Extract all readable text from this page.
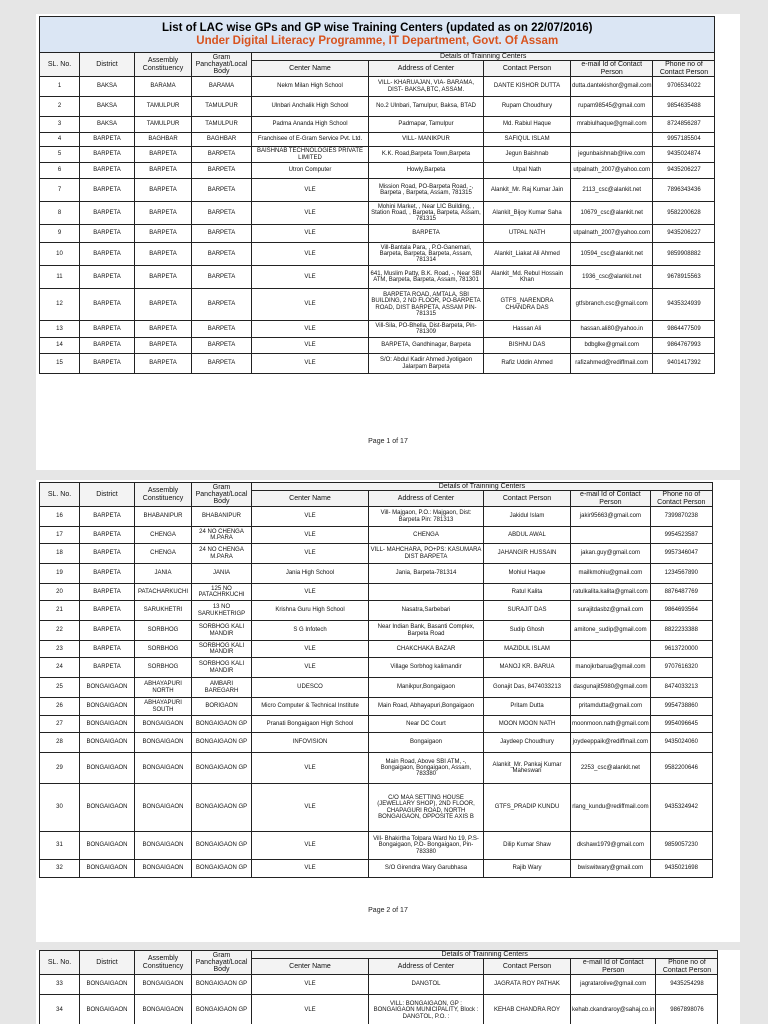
List of LAC wise GPs and GP wise Training Centers (updated as on 22/07/2016)
Under Digital Literacy Programme, IT Department, Govt. Of Assam								

SL. No.	District	Assembly Constituency	Gram Panchayat/Local Body	Details of Trainning Centers				
				Center Name	Address of Center	Contact Person	e-mail Id of Contact Person	Phone no of Contact Person
1	BAKSA	BARAMA	BARAMA	Nekm Milan High School	VILL- KHARUAJAN, VIA- BARAMA, DIST- BAKSA,BTC, ASSAM.	DANTE KISHOR DUTTA	dutta.dantekishor@gmail.com	9706534022
2	BAKSA	TAMULPUR	TAMULPUR	Ulnbari Anchalik High School	No.2 Ulnbari, Tamulpur, Baksa, BTAD	Rupam Choudhury	rupam98545@gmail.com	9854635488
3	BAKSA	TAMULPUR	TAMULPUR	Padma Ananda High School	Padmapar, Tamulpur	Md. Rabiul Haque	mrabiulhaque@gmail.com	8724856287
4	BARPETA	BAGHBAR	BAGHBAR	Franchisee of E-Gram Service Pvt. Ltd.	VILL- MANIKPUR	SAFIQUL ISLAM		9957185504
5	BARPETA	BARPETA	BARPETA	BAISHNAB TECHNOLOGIES PRIVATE LIMITED	K.K. Road,Barpeta Town,Barpeta	Jegun Baishnab	jegunbaishnab@live.com	9435024874
6	BARPETA	BARPETA	BARPETA	Utron Computer	Howly,Barpeta	Utpal Nath	utpalnath_2007@yahoo.com	9435206227
7	BARPETA	BARPETA	BARPETA	VLE	Mission Road, PO-Barpeta Road, -, Barpeta , Barpeta, Assam, 781315	Alankit_Mr. Raj Kumar Jain	2113_csc@alankit.net	7896343436
8	BARPETA	BARPETA	BARPETA	VLE	Mohini Market, , Near LIC Building, , Station Road, , Barpeta, Barpeta, Assam, 781315	Alankit_Bijoy Kumar Saha	10679_csc@alankit.net	9582200628
9	BARPETA	BARPETA	BARPETA	VLE	BARPETA	UTPAL NATH	utpalnath_2007@yahoo.com	9435206227
10	BARPETA	BARPETA	BARPETA	VLE	Vill-Bantala Para, , P.O-Ganemari, Barpeta, Barpeta, Barpeta, Assam, 781314	Alankit_Liakat Ali Ahmed	10594_csc@alankit.net	9859908882
11	BARPETA	BARPETA	BARPETA	VLE	641, Muslim Patty, B.K. Road, -, Near SBI ATM, Barpeta, Barpeta, Assam, 781301	Alankit_Md. Rebul Hossain Khan	1936_csc@alankit.net	9678915563
12	BARPETA	BARPETA	BARPETA	VLE	BARPETA ROAD, AMTALA, SBI BUILDING, 2 ND FLOOR, PO-BARPETA ROAD, DIST BARPETA, ASSAM PIN-781315	GTFS_NARENDRA CHANDRA DAS	gtfsbranch.csc@gmail.com	9435324939
13	BARPETA	BARPETA	BARPETA	VLE	Vill-Sila, PO-Bhella, Dist-Barpeta, Pin-781309	Hassan Ali	hassan.ali80@yahoo.in	9864477509
14	BARPETA	BARPETA	BARPETA	VLE	BARPETA, Gandhinagar, Barpeta	BISHNU DAS	bdbglke@gmail.com	9864767993
15	BARPETA	BARPETA	BARPETA	VLE	S/O: Abdul Kadir Ahmed Jyotigaon Jalarpam Barpeta	Rafiz Uddin Ahmed	rafizahmed@rediffmail.com	9401417392
Page 1 of 17
SL. No.	District	Assembly Constituency	Gram Panchayat/Local Body	Details of Trainning Centers				
				Center Name	Address of Center	Contact Person	e-mail Id of Contact Person	Phone no of Contact Person
16	BARPETA	BHABANIPUR	BHABANIPUR	VLE	Vill- Majgaon, P.O.: Majgaon, Dist: Barpeta Pin: 781313	Jakidul Islam	jakir95663@gmail.com	7399870238
17	BARPETA	CHENGA	24 NO CHENGA M.PARA	VLE	CHENGA	ABDUL AWAL		9954523587
18	BARPETA	CHENGA	24 NO CHENGA M.PARA	VLE	VILL- MAHCHARA, PO+PS: KASUMARA DIST BARPETA	JAHANGIR HUSSAIN	jakan.guy@gmail.com	9957346047
19	BARPETA	JANIA	JANIA	Jania High School	Jania, Barpeta-781314	Mohiul Haque	mailkmohiu@gmail.com	1234567890
20	BARPETA	PATACHARKUCHI	125 NO PATACHRKUCHI	VLE		Ratul Kalita	ratulkalita.kalita@gmail.com	8876487769
21	BARPETA	SARUKHETRI	13 NO SARUKHETRIGP	Krishna Guru High School	Nasatra,Sarbebari	SURAJIT DAS	surajitdasbz@gmail.com	9864693564
22	BARPETA	SORBHOG	SORBHOG KALI MANDIR	S G Infotech	Near Indian Bank, Basanti Complex, Barpeta Road	Sudip Ghosh	amitone_sudip@gmail.com	8822233388
23	BARPETA	SORBHOG	SORBHOG KALI MANDIR	VLE	CHAKCHAKA BAZAR	MAZIDUL ISLAM		9613720000
24	BARPETA	SORBHOG	SORBHOG KALI MANDIR	VLE	Village Sorbhog kalimandir	MANOJ KR. BARUA	manojkrbarua@gmail.com	9707616320
25	BONGAIGAON	ABHAYAPURI NORTH	AMBARI BAREGARH	UDESCO	Manikpur,Bongaigaon	Gonajit Das, 8474033213	dasgunajit5980@gmail.com	8474033213
26	BONGAIGAON	ABHAYAPURI SOUTH	BORIGAON	Micro Computer & Technical Institute	Main Road, Abhayapuri,Bongaigaon	Pritam Dutta	pritamdutta@gmail.com	9954738860
27	BONGAIGAON	BONGAIGAON	BONGAIGAON GP	Pranati Bongaigaon High School	Near DC Court	MOON MOON NATH	moonmoon.nath@gmail.com	9954096645
28	BONGAIGAON	BONGAIGAON	BONGAIGAON GP	INFOVISION	Bongaigaon	Jaydeep Choudhury	joydeeppaik@rediffmail.com	9435024060
29	BONGAIGAON	BONGAIGAON	BONGAIGAON GP	VLE	Main Road, Above SBI ATM, -, Bongaigaon, Bongaigaon, Assam, 783380	Alankit_Mr. Pankaj Kumar Maheswari	2253_csc@alankit.net	9582200646
30	BONGAIGAON	BONGAIGAON	BONGAIGAON GP	VLE	C/O MAA SETTING HOUSE (JEWELLARY SHOP), 2ND FLOOR, CHAPAGURI ROAD, NORTH BONGAIGAON, OPPOSITE AXIS B	GTFS_PRADIP KUNDU	rlang_kundu@rediffmail.com	9435324942
31	BONGAIGAON	BONGAIGAON	BONGAIGAON GP	VLE	Vill- Bhakirtha Tolpara Ward No 19, P.S-Bongaigaon, P.O- Bongaigaon, Pin- 783380	Dilip Kumar Shaw	dkshaw1979@gmail.com	9859057230
32	BONGAIGAON	BONGAIGAON	BONGAIGAON GP	VLE	S/O Girendra Wary Garubhasa	Rajib Wary	bwiswitwary@gmail.com	9435021698
Page 2 of 17
SL. No.	District	Assembly Constituency	Gram Panchayat/Local Body	Details of Trainning Centers				
				Center Name	Address of Center	Contact Person	e-mail Id of Contact Person	Phone no of Contact Person
33	BONGAIGAON	BONGAIGAON	BONGAIGAON GP	VLE	DANGTOL	JAGRATA ROY PATHAK	jagratarolive@gmail.com	9435254298
34	BONGAIGAON	BONGAIGAON	BONGAIGAON GP	VLE	VILL: BONGAIGAON, GP : BONGAIGAON MUNICIPALITY, Block : DANGTOL, P.O. :	KEHAB CHANDRA ROY	kehab.ckandraroy@sahaj.co.in	9867898076
